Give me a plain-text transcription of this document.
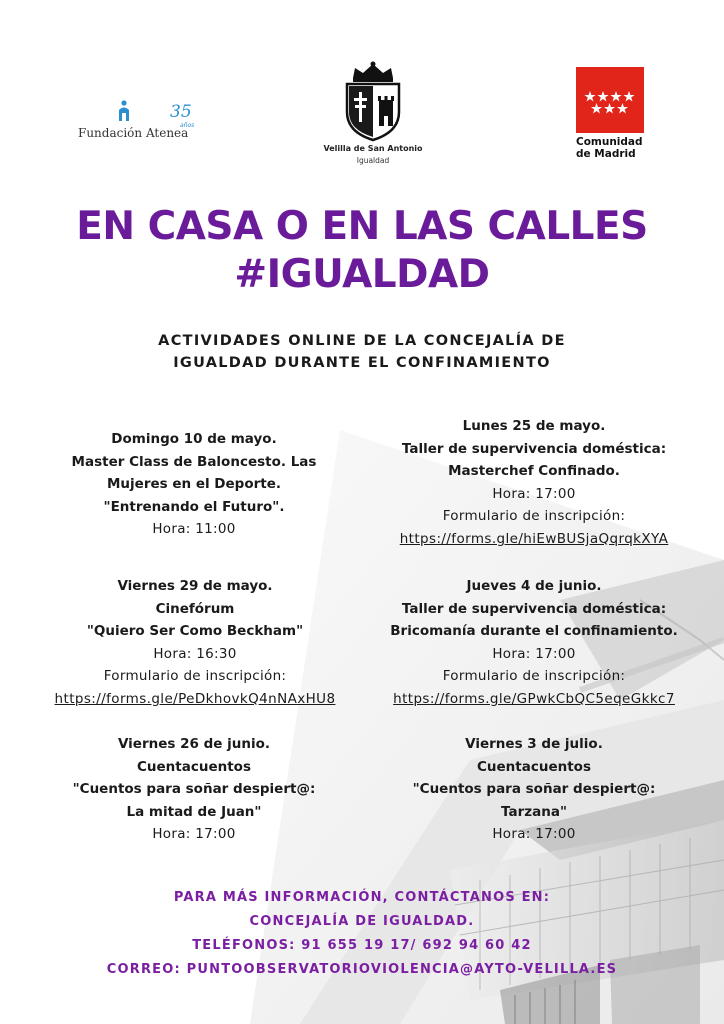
Fundación Atenea
35
años
Velilla de San Antonio
Igualdad
Comunidad
de Madrid
EN CASA O EN LAS CALLES
#IGUALDAD
ACTIVIDADES ONLINE DE LA CONCEJALÍA DE
IGUALDAD DURANTE EL CONFINAMIENTO
Domingo 10 de mayo.
Master Class de Baloncesto. Las
Mujeres en el Deporte.
"Entrenando el Futuro".
Hora: 11:00
Lunes 25 de mayo.
Taller de supervivencia doméstica:
Masterchef Confinado.
Hora: 17:00
Formulario de inscripción:
https://forms.gle/hiEwBUSjaQqrqkXYA
Viernes 29 de mayo.
Cinefórum
"Quiero Ser Como Beckham"
Hora: 16:30
Formulario de inscripción:
https://forms.gle/PeDkhovkQ4nNAxHU8
Jueves 4 de junio.
Taller de supervivencia doméstica:
Bricomanía durante el confinamiento.
Hora: 17:00
Formulario de inscripción:
https://forms.gle/GPwkCbQC5eqeGkkc7
Viernes 26 de junio.
Cuentacuentos
"Cuentos para soñar despiert@:
La mitad de Juan"
Hora: 17:00
Viernes 3 de julio.
Cuentacuentos
"Cuentos para soñar despiert@:
Tarzana"
Hora: 17:00
PARA MÁS INFORMACIÓN, CONTÁCTANOS EN:
CONCEJALÍA DE IGUALDAD.
TELÉFONOS: 91 655 19 17/ 692 94 60 42
CORREO: PUNTOOBSERVATORIOVIOLENCIA@AYTO-VELILLA.ES
